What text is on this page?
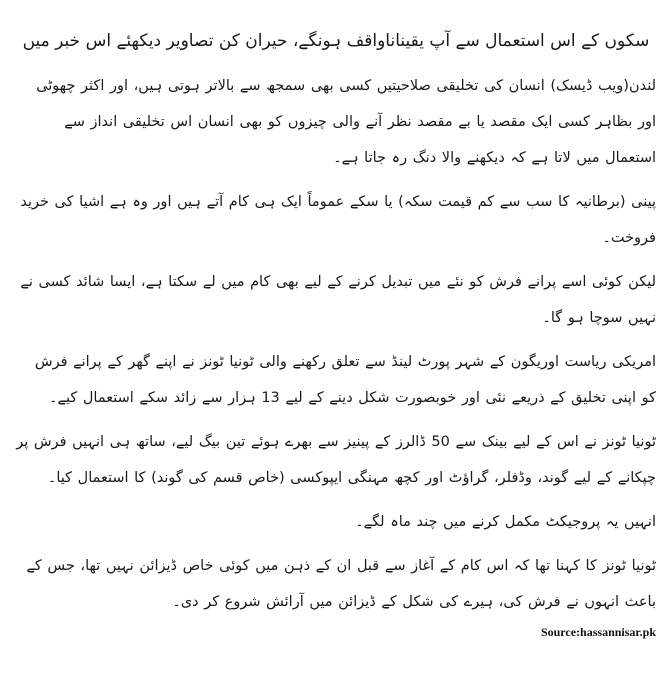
سکوں کے اس استعمال سے آپ یقیناناواقف ہونگے، حیران کن تصاویر دیکھئے اس خبر میں

لندن(ویب ڈیسک) انسان کی تخلیقی صلاحیتیں کسی بھی سمجھ سے بالاتر ہوتی ہیں، اور اکثر چھوٹی اور بظاہر کسی ایک مقصد یا بے مقصد نظر آنے والی چیزوں کو بھی انسان اس تخلیقی انداز سے استعمال میں لاتا ہے کہ دیکھنے والا دنگ رہ جاتا ہے۔

پینی (برطانیہ کا سب سے کم قیمت سکہ) یا سکے عموماً ایک ہی کام آتے ہیں اور وہ ہے اشیا کی خرید فروخت۔

لیکن کوئی اسے پرانے فرش کو نئے میں تبدیل کرنے کے لیے بھی کام میں لے سکتا ہے، ایسا شائد کسی نے نہیں سوچا ہو گا۔

امریکی ریاست اوریگون کے شہر پورٹ لینڈ سے تعلق رکھنے والی ٹونیا ٹونز نے اپنے گھر کے پرانے فرش کو اپنی تخلیق کے ذریعے نئی اور خوبصورت شکل دینے کے لیے 13 ہزار سے زائد سکے استعمال کیے۔

ٹونیا ٹونز نے اس کے لیے بینک سے 50 ڈالرز کے پینیز سے بھرے ہوئے تین بیگ لیے، ساتھ ہی انہیں فرش پر چپکانے کے لیے گوند، وڈفلر، گراؤٹ اور کچھ مہنگی ایپوکسی (خاص قسم کی گوند) کا استعمال کیا۔

انہیں یہ پروجیکٹ مکمل کرنے میں چند ماہ لگے۔

ٹونیا ٹونز کا کہنا تھا کہ اس کام کے آغاز سے قبل ان کے ذہن میں کوئی خاص ڈیزائن نہیں تھا، جس کے باعث انہوں نے فرش کی، ہیرے کی شکل کے ڈیزائن میں آرائش شروع کر دی۔

Source:hassannisar.pk
